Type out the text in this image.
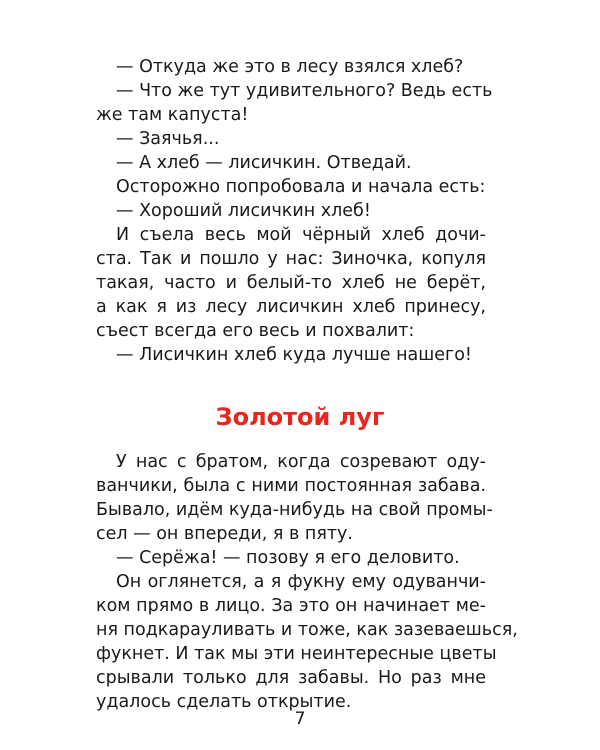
— Откуда же это в лесу взялся хлеб?
— Что же тут удивительного? Ведь есть
же там капуста!
— Заячья...
— А хлеб — лисичкин. Отведай.
Осторожно попробовала и начала есть:
— Хороший лисичкин хлеб!
И съела весь мой чёрный хлеб дочи-
ста. Так и пошло у нас: Зиночка, копуля
такая, часто и белый-то хлеб не берёт,
а как я из лесу лисичкин хлеб принесу,
съест всегда его весь и похвалит:
— Лисичкин хлеб куда лучше нашего!
Золотой луг
У нас с братом, когда созревают оду-
ванчики, была с ними постоянная забава.
Бывало, идём куда-нибудь на свой промы-
сел — он впереди, я в пяту.
— Серёжа! — позову я его деловито.
Он оглянется, а я фукну ему одуванчи-
ком прямо в лицо. За это он начинает ме-
ня подкарауливать и тоже, как зазеваешься,
фукнет. И так мы эти неинтересные цветы
срывали только для забавы. Но раз мне
удалось сделать открытие.
7
